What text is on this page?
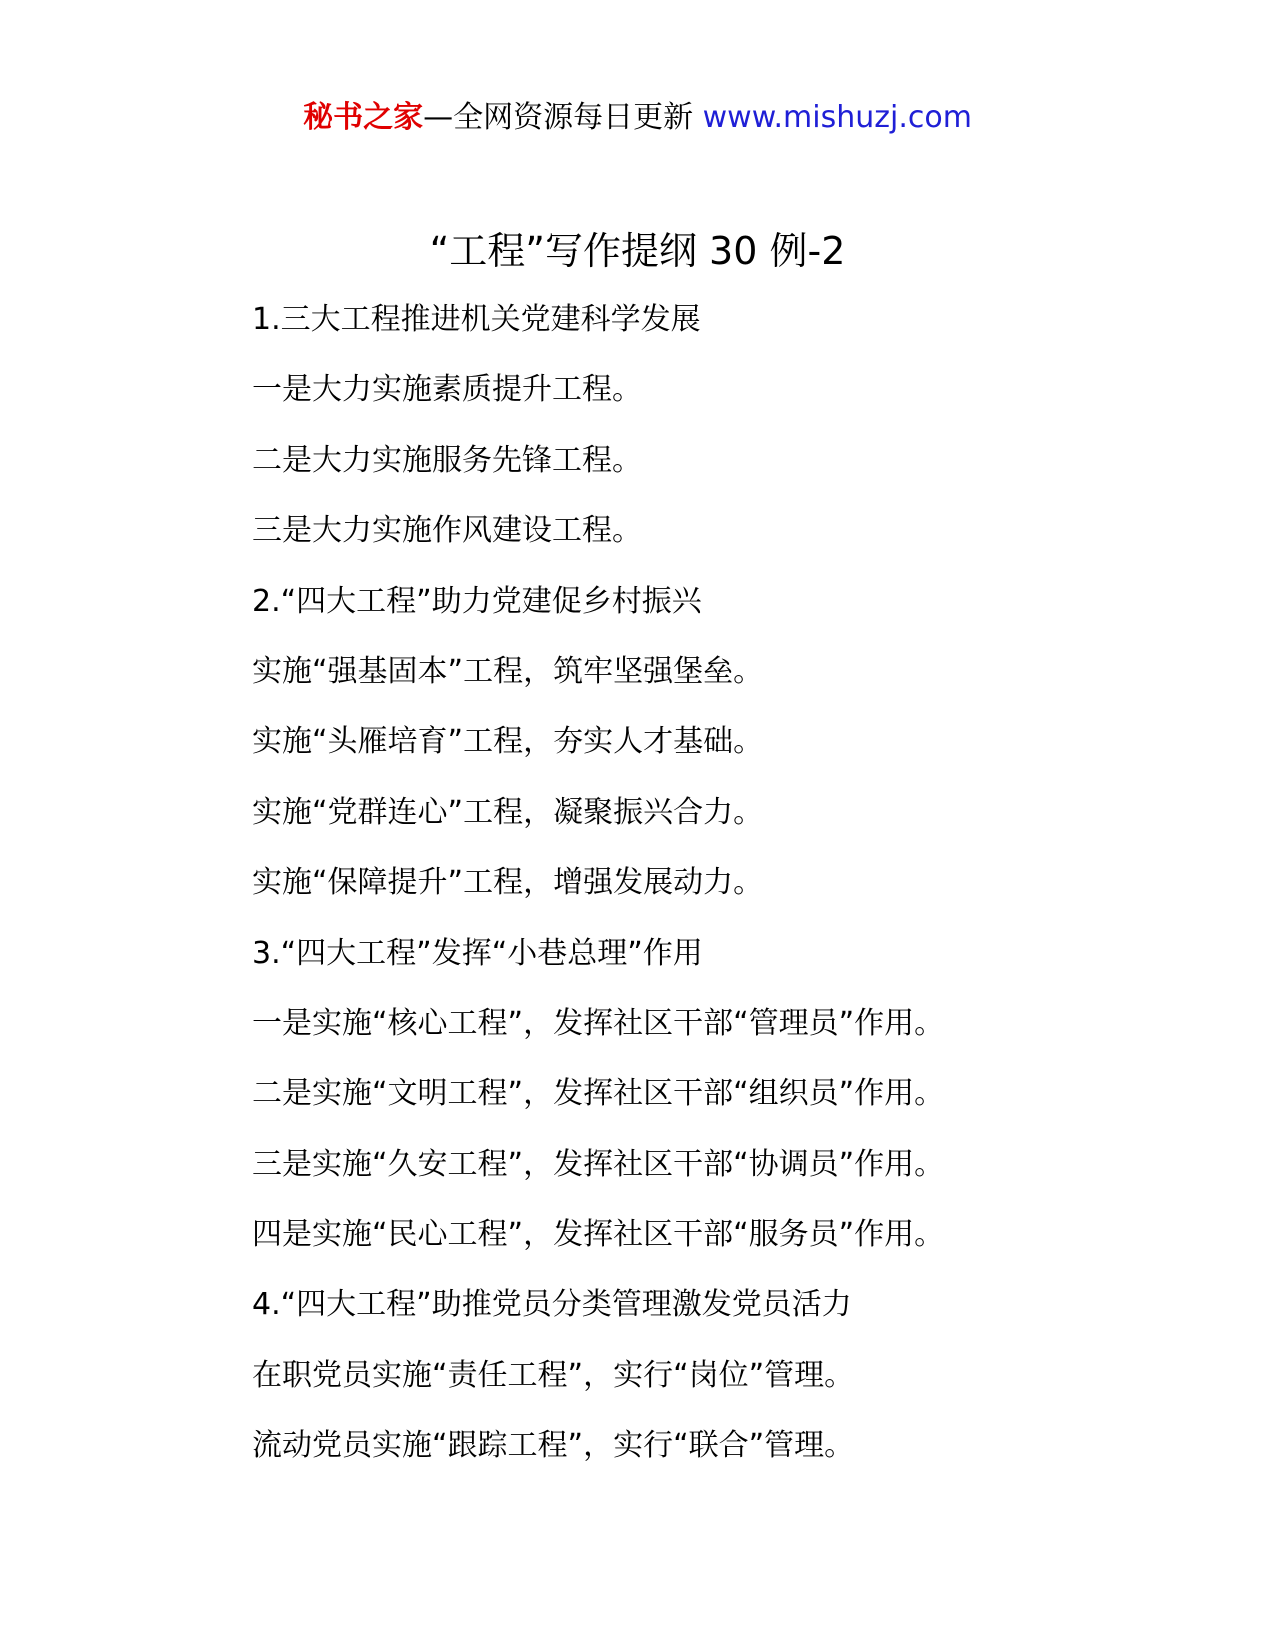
秘书之家—全网资源每日更新 www.mishuzj.com
“工程”写作提纲 30 例-2
1.三大工程推进机关党建科学发展
一是大力实施素质提升工程。
二是大力实施服务先锋工程。
三是大力实施作风建设工程。
2.“四大工程”助力党建促乡村振兴
实施“强基固本”工程，筑牢坚强堡垒。
实施“头雁培育”工程，夯实人才基础。
实施“党群连心”工程，凝聚振兴合力。
实施“保障提升”工程，增强发展动力。
3.“四大工程”发挥“小巷总理”作用
一是实施“核心工程”，发挥社区干部“管理员”作用。
二是实施“文明工程”，发挥社区干部“组织员”作用。
三是实施“久安工程”，发挥社区干部“协调员”作用。
四是实施“民心工程”，发挥社区干部“服务员”作用。
4.“四大工程”助推党员分类管理激发党员活力
在职党员实施“责任工程”，实行“岗位”管理。
流动党员实施“跟踪工程”，实行“联合”管理。
